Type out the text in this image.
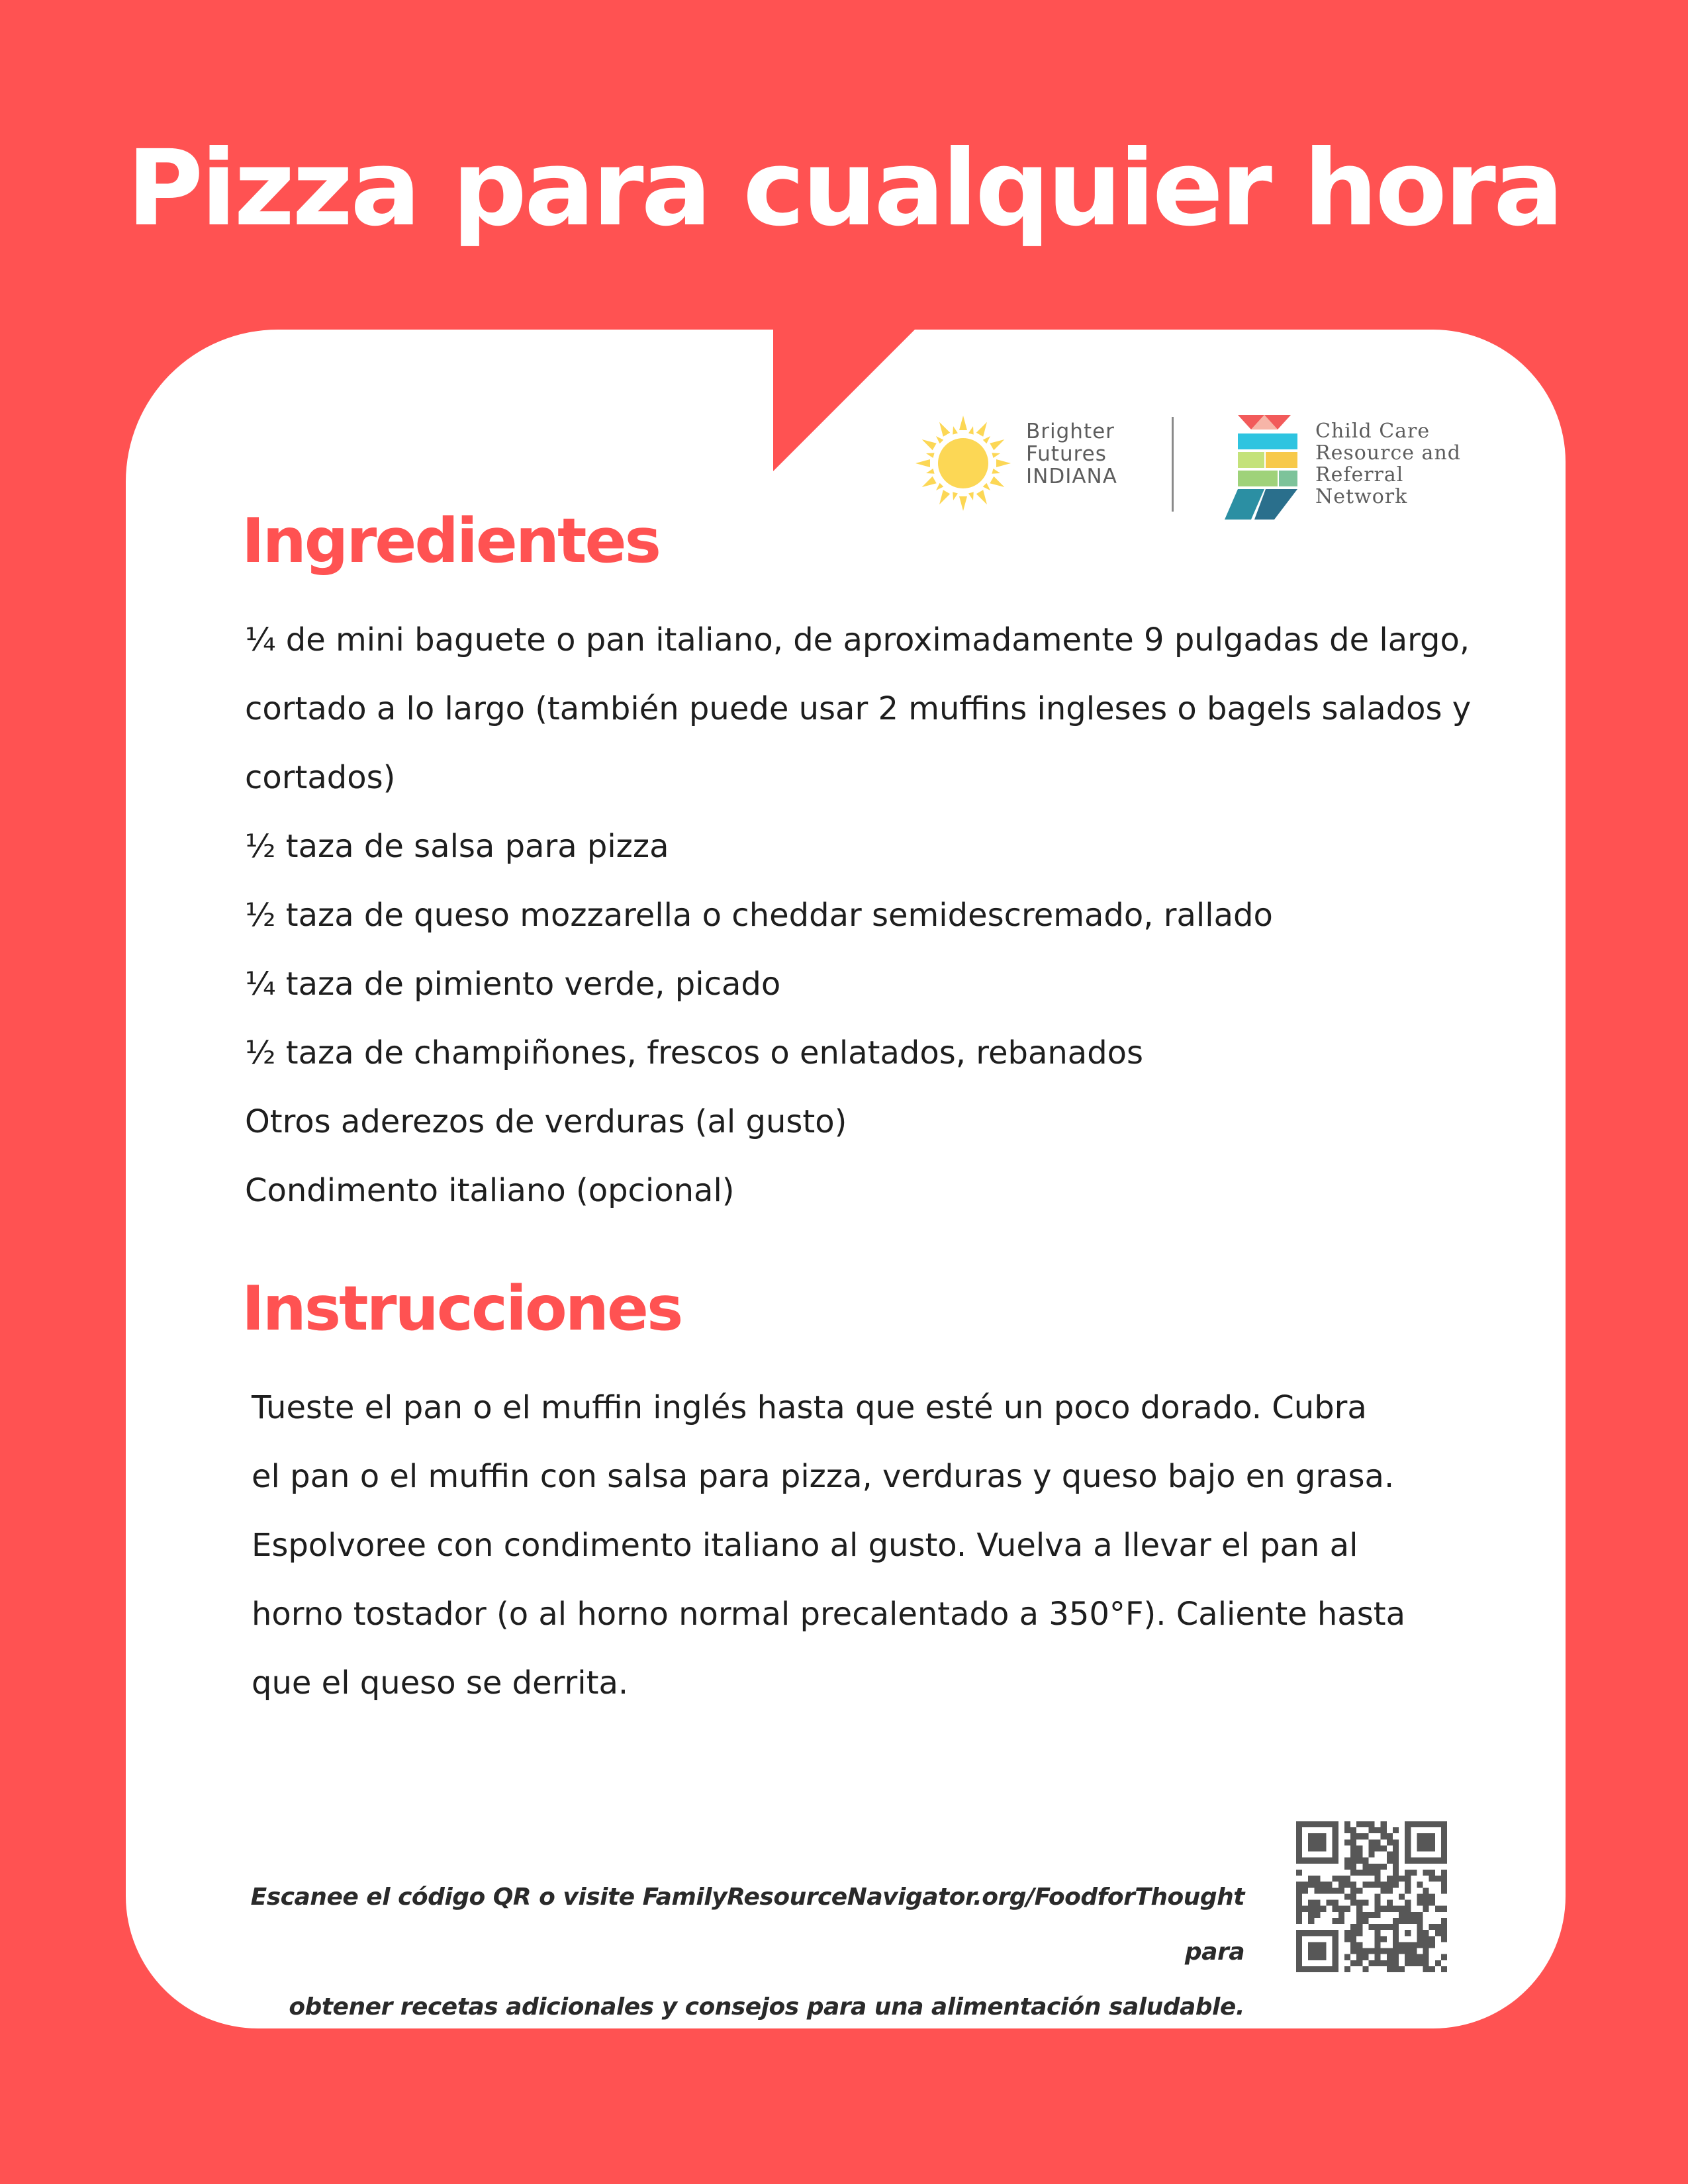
Pizza para cualquier hora
Brighter
Futures
INDIANA
Child Care
Resource and
Referral Network
Ingredientes
¼ de mini baguete o pan italiano, de aproximadamente 9 pulgadas de largo,
cortado a lo largo (también puede usar 2 muffins ingleses o bagels salados y
cortados)
½ taza de salsa para pizza
½ taza de queso mozzarella o cheddar semidescremado, rallado
¼ taza de pimiento verde, picado
½ taza de champiñones, frescos o enlatados, rebanados
Otros aderezos de verduras (al gusto)
Condimento italiano (opcional)
Instrucciones
Tueste el pan o el muffin inglés hasta que esté un poco dorado. Cubra
el pan o el muffin con salsa para pizza, verduras y queso bajo en grasa.
Espolvoree con condimento italiano al gusto. Vuelva a llevar el pan al
horno tostador (o al horno normal precalentado a 350°F). Caliente hasta
que el queso se derrita.
Escanee el código QR o visite FamilyResourceNavigator.org/FoodforThought para
obtener recetas adicionales y consejos para una alimentación saludable.
